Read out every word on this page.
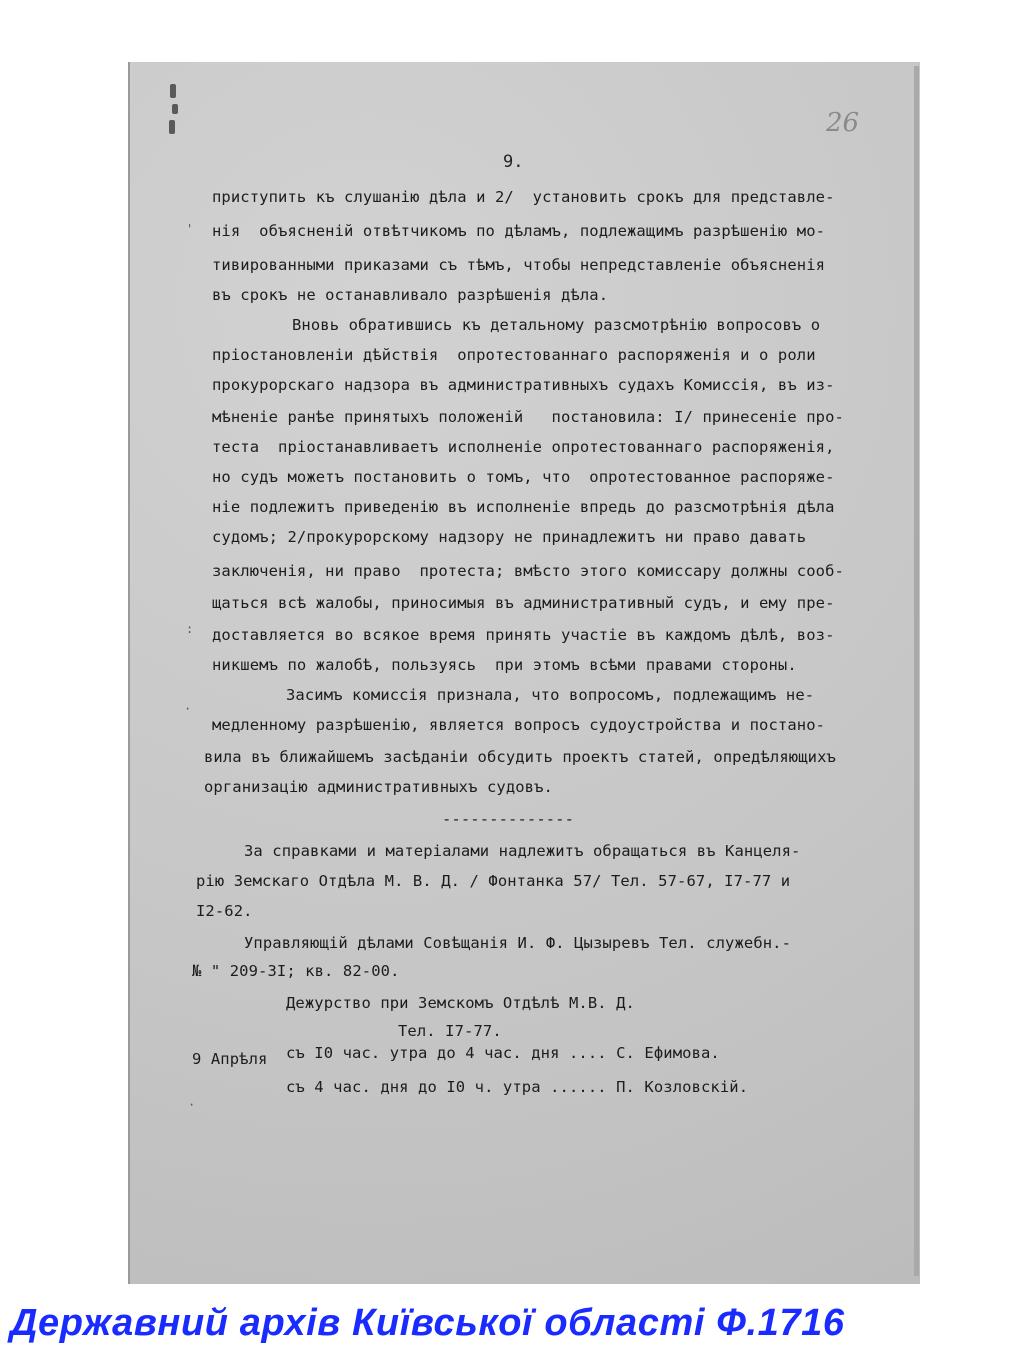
'
:
·
·
26
9.

приступить къ слушанію дѣла и 2/  установить срокъ для представле-

нія  объясненій отвѣтчикомъ по дѣламъ, подлежащимъ разрѣшенію мо-

тивированными приказами съ тѣмъ, чтобы непредставленіе объясненія

въ срокъ не останавливало разрѣшенія дѣла.

Вновь обратившись къ детальному разсмотрѣнію вопросовъ о

пріостановленіи дѣйствія  опротестованнаго распоряженія и о роли

прокурорскаго надзора въ административныхъ судахъ Комиссія, въ из-

мѣненіе ранѣе принятыхъ положеній   постановила: I/ принесеніе про-

теста  пріостанавливаетъ исполненіе опротестованнаго распоряженія,

но судъ можетъ постановить о томъ, что  опротестованное распоряже-

ніе подлежитъ приведенію въ исполненіе впредь до разсмотрѣнія дѣла

судомъ; 2/прокурорскому надзору не принадлежитъ ни право давать

заключенія, ни право  протеста; вмѣсто этого комиссару должны сооб-

щаться всѣ жалобы, приносимыя въ административный судъ, и ему пре-

доставляется во всякое время принять участіе въ каждомъ дѣлѣ, воз-

никшемъ по жалобѣ, пользуясь  при этомъ всѣми правами стороны.

Засимъ комиссія признала, что вопросомъ, подлежащимъ не-

медленному разрѣшенію, является вопросъ судоустройства и постано-

вила въ ближайшемъ засѣданіи обсудить проектъ статей, опредѣляющихъ

организацію административныхъ судовъ.

--------------

За справками и матеріалами надлежитъ обращаться въ Канцеля-

рію Земскаго Отдѣла М. В. Д. / Фонтанка 57/ Тел. 57-67, I7-77 и

I2-62.

Управляющій дѣлами Совѣщанія И. Ф. Цызыревъ Тел. служебн.-

№ " 209-3I; кв. 82-00.

Дежурство при Земскомъ Отдѣлѣ М.В. Д.

Тел. I7-77.

9 Апрѣля

съ I0 час. утра до 4 час. дня .... С. Ефимова.

съ 4 час. дня до I0 ч. утра ...... П. Козловскій.

Державний архів Київської області Ф.1716
